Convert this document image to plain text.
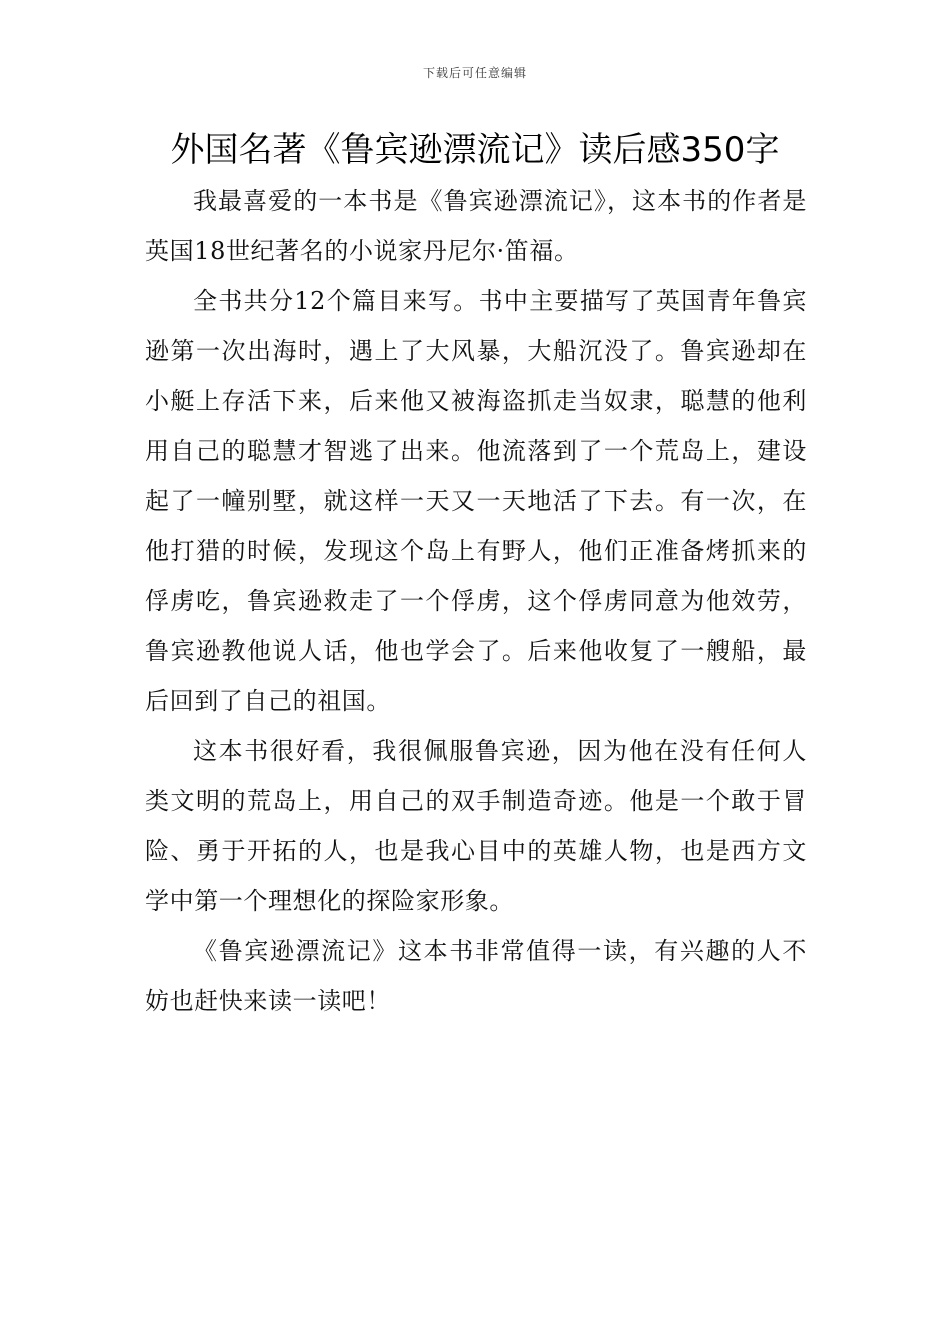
下载后可任意编辑
外国名著《鲁宾逊漂流记》读后感350字

我最喜爱的一本书是《鲁宾逊漂流记》，这本书的作者是英国18世纪著名的小说家丹尼尔·笛福。

全书共分12个篇目来写。书中主要描写了英国青年鲁宾逊第一次出海时，遇上了大风暴，大船沉没了。鲁宾逊却在小艇上存活下来，后来他又被海盗抓走当奴隶，聪慧的他利用自己的聪慧才智逃了出来。他流落到了一个荒岛上，建设起了一幢别墅，就这样一天又一天地活了下去。有一次，在他打猎的时候，发现这个岛上有野人，他们正准备烤抓来的俘虏吃，鲁宾逊救走了一个俘虏，这个俘虏同意为他效劳，鲁宾逊教他说人话，他也学会了。后来他收复了一艘船，最后回到了自己的祖国。

这本书很好看，我很佩服鲁宾逊，因为他在没有任何人类文明的荒岛上，用自己的双手制造奇迹。他是一个敢于冒险、勇于开拓的人，也是我心目中的英雄人物，也是西方文学中第一个理想化的探险家形象。

《鲁宾逊漂流记》这本书非常值得一读，有兴趣的人不妨也赶快来读一读吧！
